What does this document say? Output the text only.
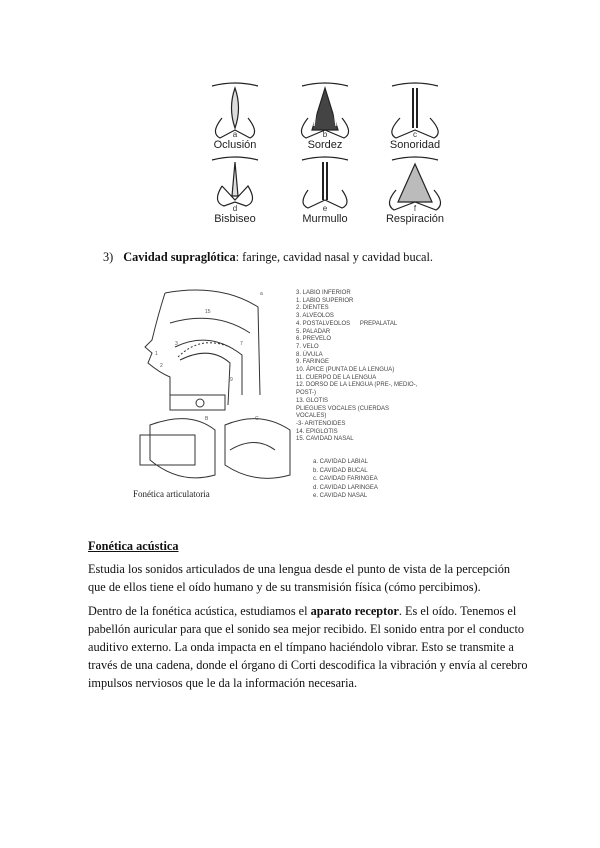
a
Oclusión
b
Sordez
c
Sonoridad
d
Bisbiseo
e
Murmullo
f
Respiración
3) Cavidad supraglótica: faringe, cavidad nasal y cavidad bucal.
15
1
2
3	7
9
a
B	C
3. LABIO INFERIOR
1. LABIO SUPERIOR
2. DIENTES
3. ALVEOLOS
4. POSTALVEOLOS PREPALATAL
5. PALADAR
6. PREVELO
7. VELO
8. ÚVULA
9. FARINGE
10. ÁPICE (PUNTA DE LA LENGUA)
11. CUERPO DE LA LENGUA
12. DORSO DE LA LENGUA (PRE-, MEDIO-,
POST-)
13. GLOTIS
PLIEGUES VOCALES (CUERDAS
VOCALES)
-3- ARITENOIDES
14. EPIGLOTIS
15. CAVIDAD NASAL
a. CAVIDAD LABIAL
b. CAVIDAD BUCAL
c. CAVIDAD FARINGEA
d. CAVIDAD LARINGEA
e. CAVIDAD NASAL
Fonética articulatoria
Fonética acústica
Estudia los sonidos articulados de una lengua desde el punto de vista de la percepción que de ellos tiene el oído humano y de su transmisión física (cómo percibimos).
Dentro de la fonética acústica, estudiamos el aparato receptor. Es el oído. Tenemos el pabellón auricular para que el sonido sea mejor recibido. El sonido entra por el conducto auditivo externo. La onda impacta en el tímpano haciéndolo vibrar. Esto se transmite a través de una cadena, donde el órgano di Corti descodifica la vibración y envía al cerebro impulsos nerviosos que le da la información necesaria.
